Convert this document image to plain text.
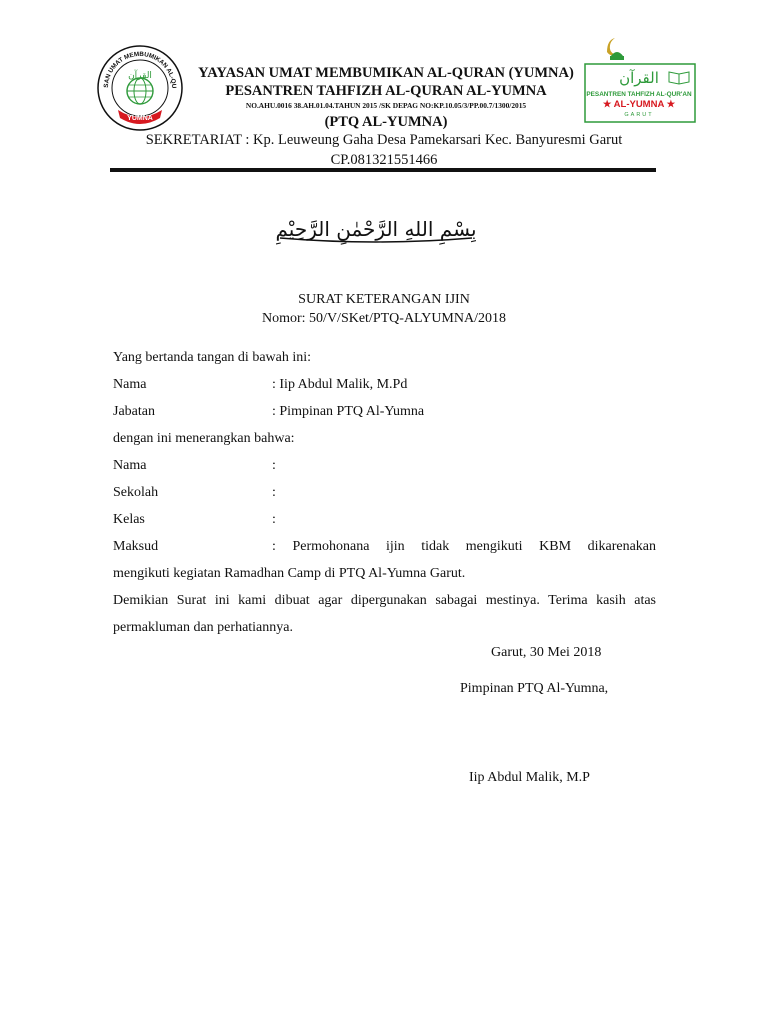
SAN UMAT MEMBUMIKAN AL-QU
القرآن
YUMNA
القرآن
PESANTREN TAHFIZH AL-QUR'AN
★ AL-YUMNA ★
GARUT
YAYASAN UMAT MEMBUMIKAN AL-QURAN (YUMNA)
PESANTREN TAHFIZH AL-QURAN AL-YUMNA
NO.AHU.0016 38.AH.01.04.TAHUN 2015 /SK DEPAG NO:KP.10.05/3/PP.00.7/1300/2015
(PTQ AL-YUMNA)
SEKRETARIAT : Kp. Leuweung Gaha Desa Pamekarsari Kec. Banyuresmi Garut
CP.081321551466
بِسْمِ اللهِ الرَّحْمٰنِ الرَّحِيْمِ
SURAT KETERANGAN IJIN
Nomor: 50/V/SKet/PTQ-ALYUMNA/2018
Yang bertanda tangan di bawah ini:
Nama	: Iip Abdul Malik, M.Pd
Jabatan	: Pimpinan PTQ Al-Yumna
dengan ini menerangkan bahwa:
Nama	:
Sekolah	:
Kelas	:
Maksud	: Permohonana ijin tidak mengikuti KBM dikarenakan
mengikuti kegiatan Ramadhan Camp di PTQ Al-Yumna Garut.
Demikian Surat ini kami dibuat agar dipergunakan sabagai mestinya. Terima kasih atas
permakluman dan perhatiannya.
Garut, 30 Mei 2018
Pimpinan PTQ Al-Yumna,
Iip Abdul Malik, M.P
